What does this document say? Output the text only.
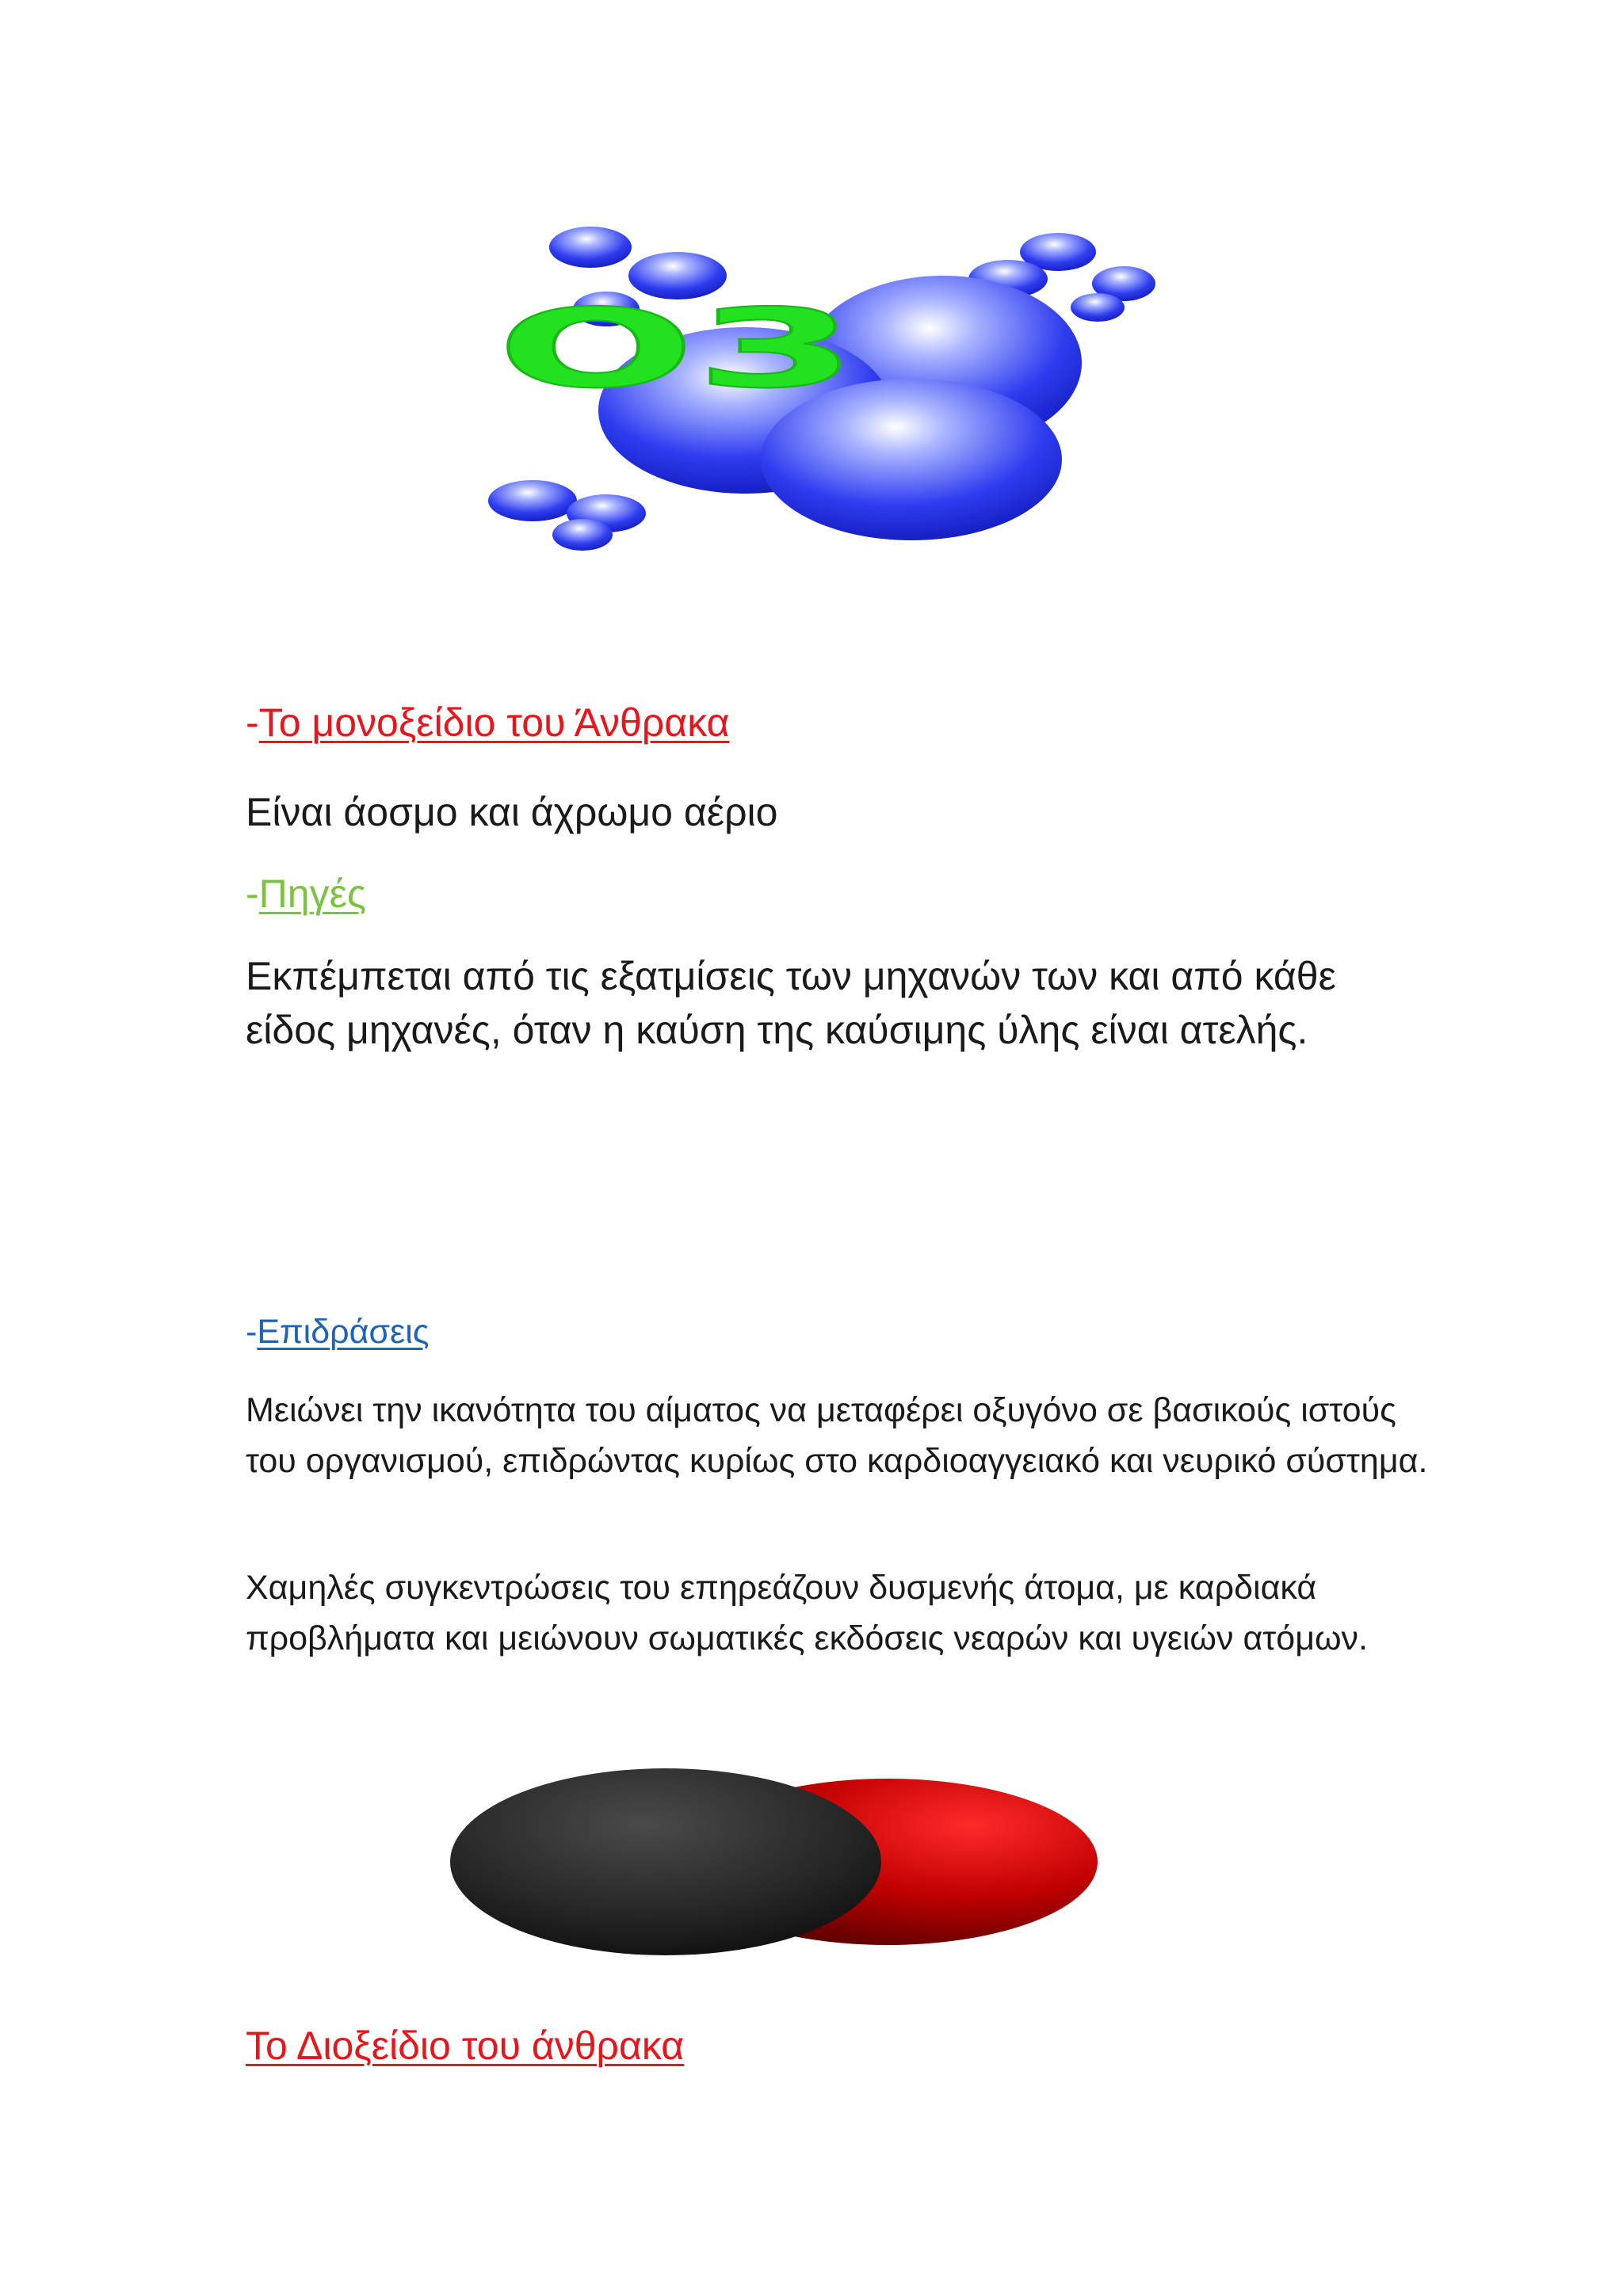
O3

-Το μονοξείδιο του Άνθρακα

Είναι άοσμο και άχρωμο αέριο

-Πηγές

Εκπέμπεται από τις εξατμίσεις των μηχανών των και από κάθε είδος μηχανές, όταν η καύση της καύσιμης ύλης είναι ατελής.

-Επιδράσεις

Μειώνει την ικανότητα του αίματος να μεταφέρει οξυγόνο σε βασικούς ιστούς του οργανισμού, επιδρώντας κυρίως στο καρδιοαγγειακό και νευρικό σύστημα.

Χαμηλές συγκεντρώσεις του επηρεάζουν δυσμενής άτομα, με καρδιακά προβλήματα και μειώνουν σωματικές εκδόσεις νεαρών και υγειών ατόμων.

Το Διοξείδιο του άνθρακα
